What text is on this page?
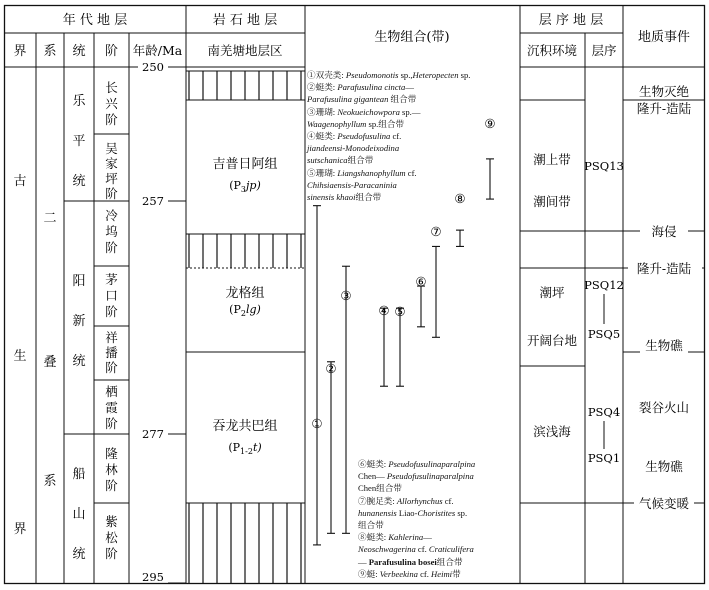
年 代 地 层	岩 石 地 层
生物组合(带)
层 序 地 层
地质事件
界 系 统 阶 年龄/Ma 南羌塘地层区	沉积环境 层序
250
257
277
295
吉普日阿组
$(P_3jp)$
龙格组
$(P_2\lg)$
吞龙共巴组
$(P_{1-2}t)$
古
生
界
二
叠
系
乐
平
统
阳
新
统
船
山
统
长
兴
阶
吴
家
坪
阶
冷
坞
阶
茅
口
阶
祥
播
阶
栖
霞
阶
隆
林
阶
紫
松
阶
①
②
③
④ ⑤
⑥
⑦
⑧
⑨
潮上带
潮间带
潮坪
开阔台地
滨浅海
PSQ13
PSQ12
PSQ5
PSQ4
PSQ1
生物灭绝
隆升-造陆
海侵
隆升-造陆
生物礁
裂谷火山
生物礁
气候变暖
①双壳类: Pseudomonotis sp.,Heteropecten sp.
②蜓类: Parafusulina cincta—
Parafusulina gigantean 组合带
③珊瑚: Neokueichowpora sp.—
Waagenophyllum sp.组合带
④蜓类: Pseudofusulina cf.
jiandeensi-Monodeixodina
sutschanica组合带
⑤珊瑚: Liangshanophyllum cf.
Chihsiaensis-Paracaninia
sinensis khaoi组合带
⑥蜓类: Pseudofusulinaparalpina
Chen— Pseudofusulinaparalpina
Chen组合带
⑦腕足类: Allorhynchus cf.
hunanensis Liao-Choristites sp.
组合带
⑧蜓类: Kahlerina—
Neoschwagerina cf. Craticulifera
— Parafusulina bosei组合带
⑨蜓: Verbeekina cf. Heimi带
